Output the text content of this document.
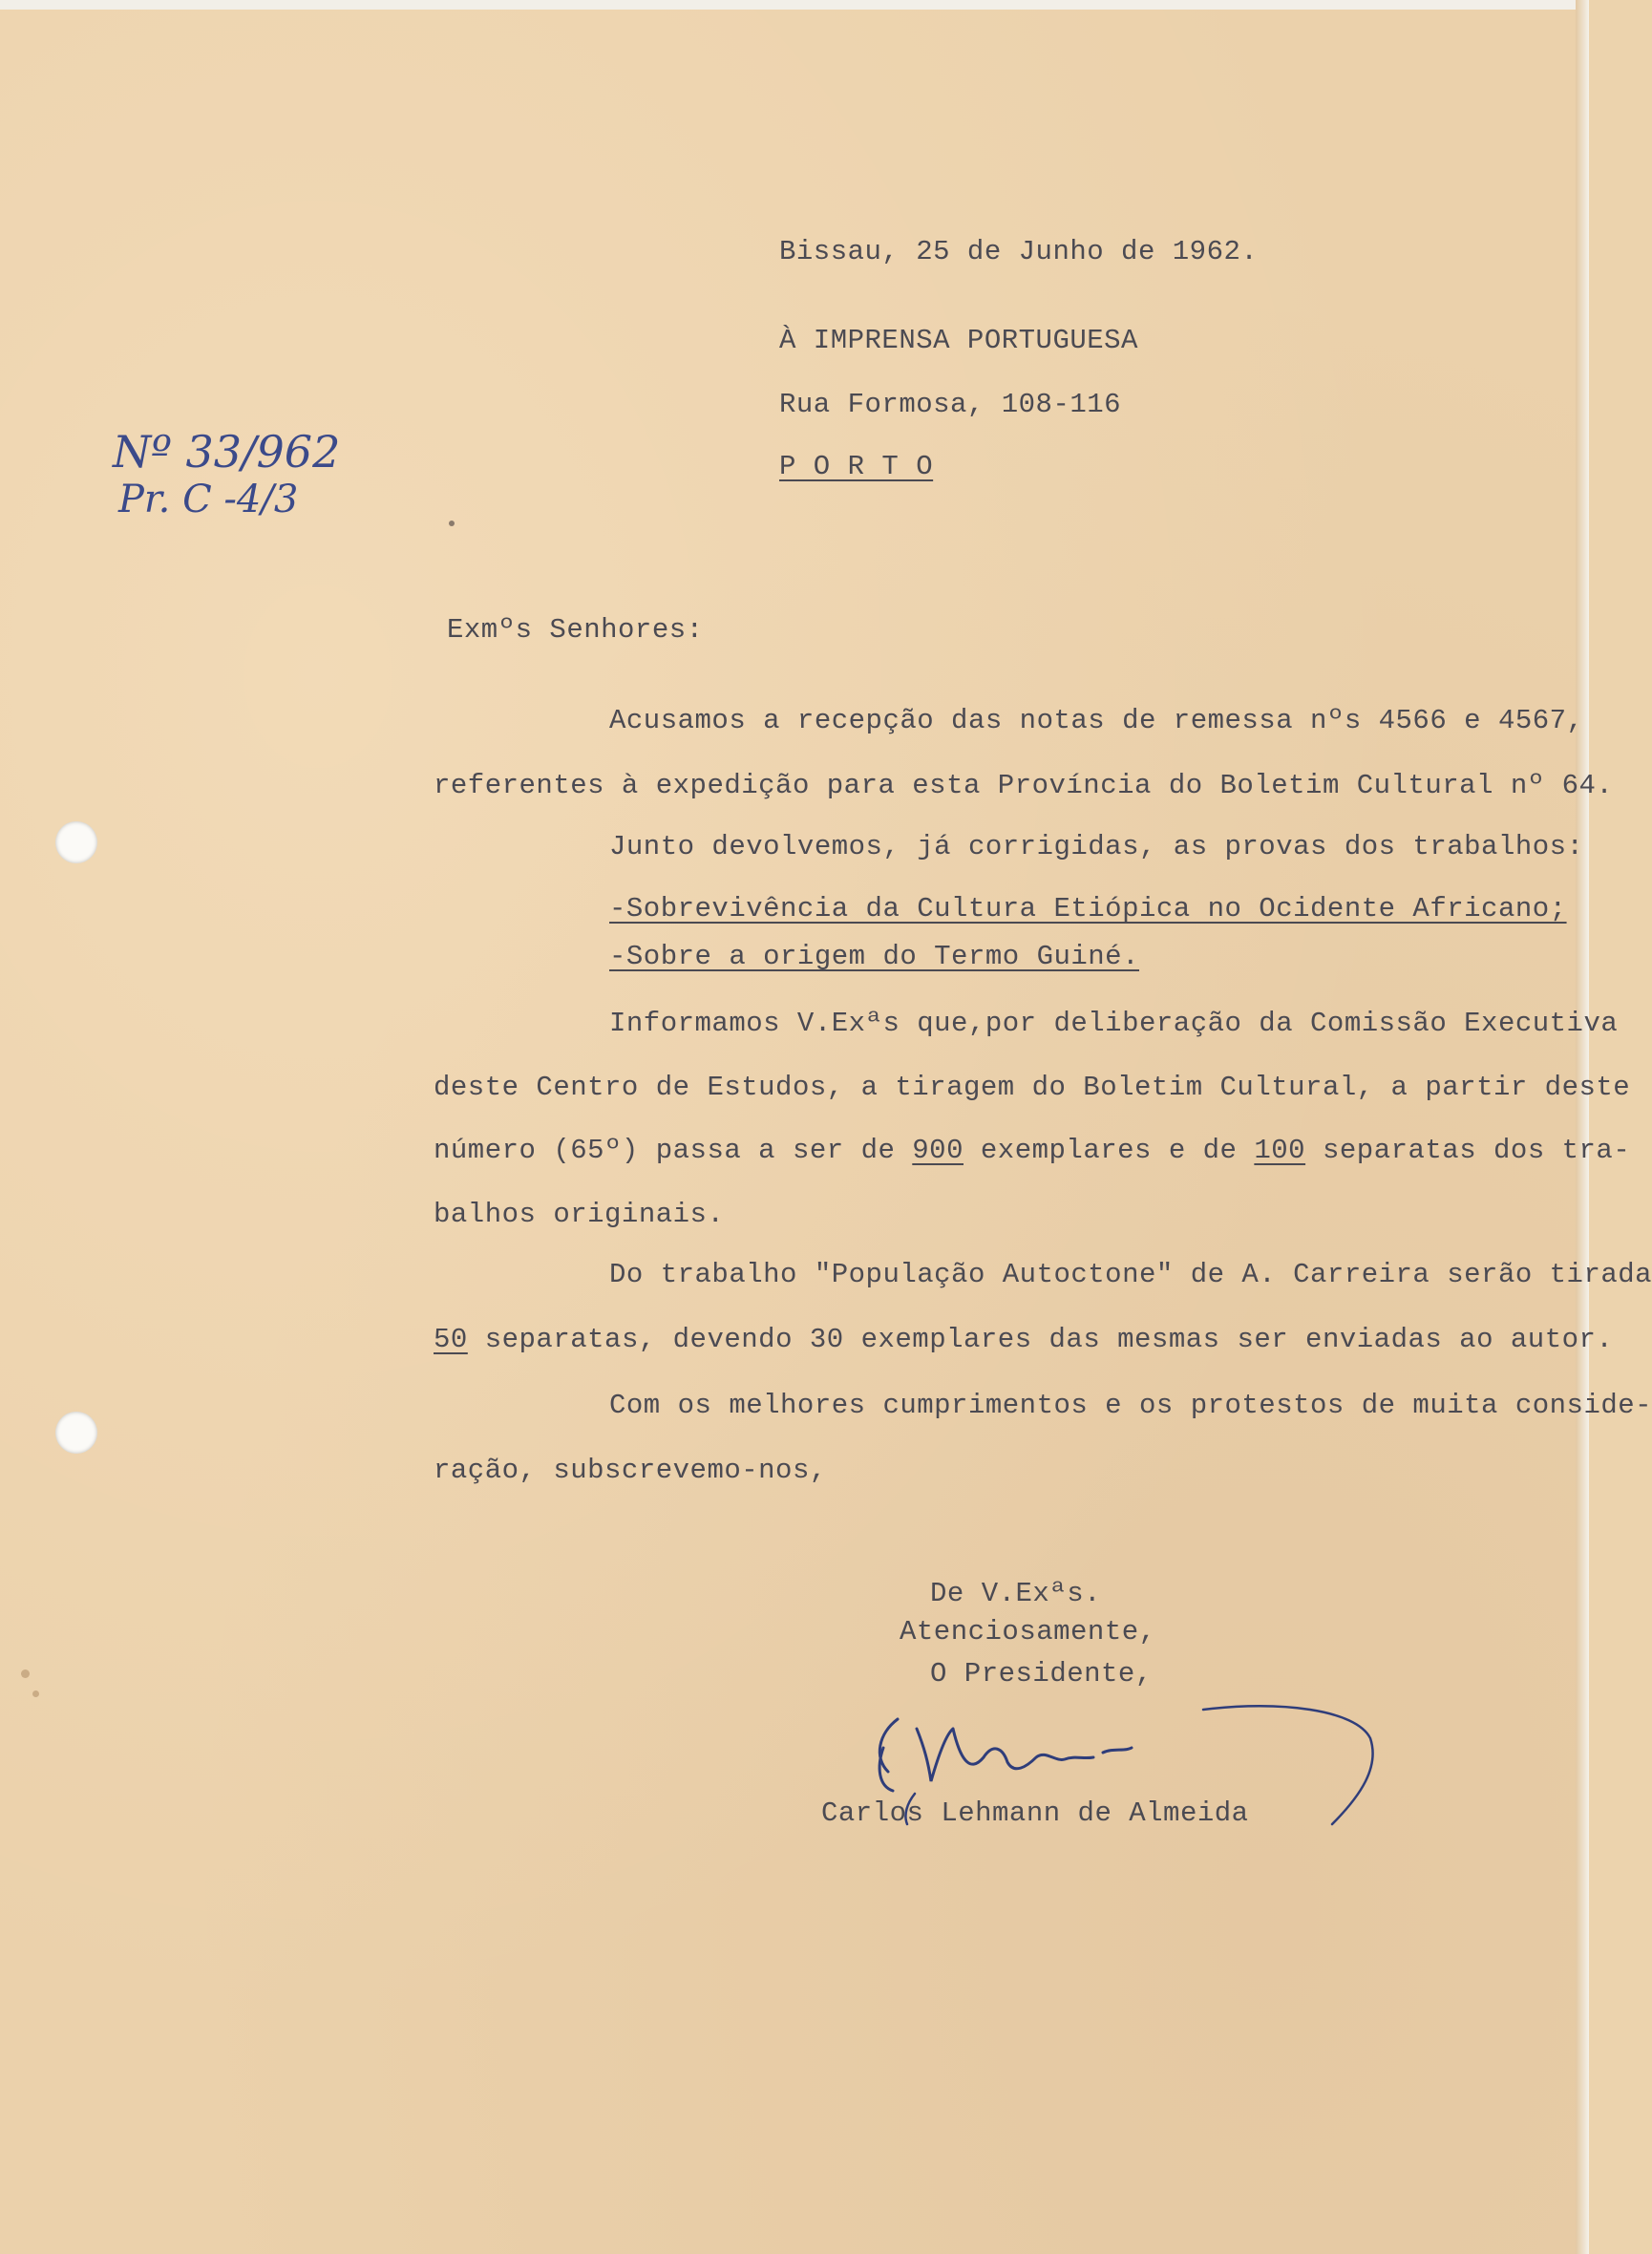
Nº 33/962
Pr. C -4/3
Bissau, 25 de Junho de 1962.
À IMPRENSA PORTUGUESA
Rua Formosa, 108-116
P O R T O
Exmºs Senhores:
Acusamos a recepção das notas de remessa nºs 4566 e 4567,
referentes à expedição para esta Província do Boletim Cultural nº 64.
Junto devolvemos, já corrigidas, as provas dos trabalhos:
-Sobrevivência da Cultura Etiópica no Ocidente Africano;
-Sobre a origem do Termo Guiné.
Informamos V.Exªs que,por deliberação da Comissão Executiva
deste Centro de Estudos, a tiragem do Boletim Cultural, a partir deste
número (65º) passa a ser de 900 exemplares e de 100 separatas dos tra-
balhos originais.
Do trabalho "População Autoctone" de A. Carreira serão tirada
50 separatas, devendo 30 exemplares das mesmas ser enviadas ao autor.
Com os melhores cumprimentos e os protestos de muita conside-
ração, subscrevemo-nos,
De V.Exªs.
Atenciosamente,
O Presidente,
Carlos Lehmann de Almeida
